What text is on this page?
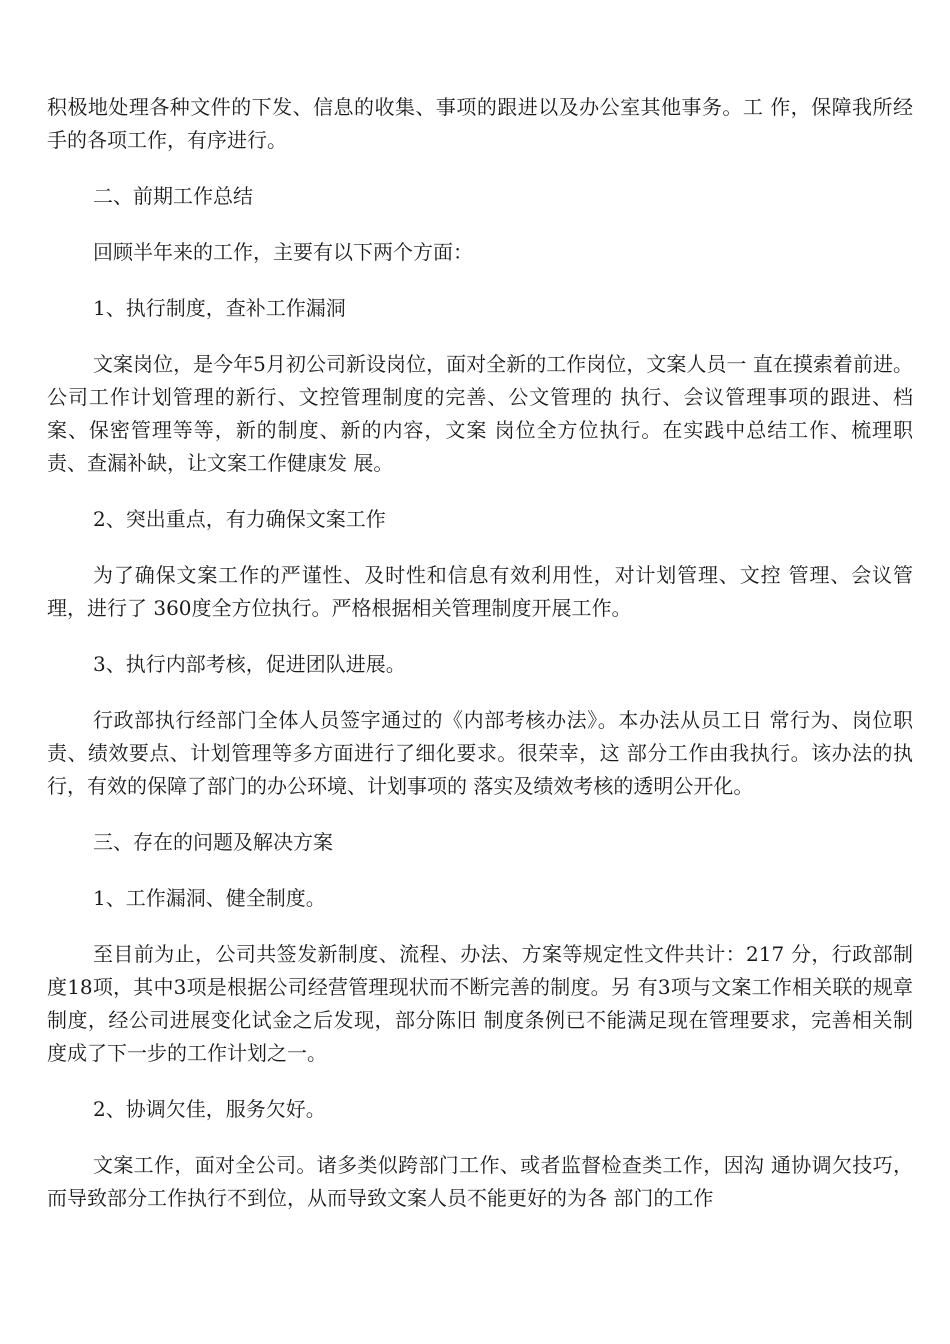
积极地处理各种文件的下发、信息的收集、事项的跟进以及办公室其他事务。工 作，保障我所经手的各项工作，有序进行。

二、前期工作总结

回顾半年来的工作，主要有以下两个方面：

1、执行制度，查补工作漏洞

文案岗位，是今年5月初公司新设岗位，面对全新的工作岗位，文案人员一 直在摸索着前进。公司工作计划管理的新行、文控管理制度的完善、公文管理的 执行、会议管理事项的跟进、档案、保密管理等等，新的制度、新的内容，文案 岗位全方位执行。在实践中总结工作、梳理职责、查漏补缺，让文案工作健康发 展。

2、突出重点，有力确保文案工作

为了确保文案工作的严谨性、及时性和信息有效利用性，对计划管理、文控 管理、会议管理，进行了 360度全方位执行。严格根据相关管理制度开展工作。

3、执行内部考核，促进团队进展。

行政部执行经部门全体人员签字通过的《内部考核办法》。本办法从员工日 常行为、岗位职责、绩效要点、计划管理等多方面进行了细化要求。很荣幸，这 部分工作由我执行。该办法的执行，有效的保障了部门的办公环境、计划事项的 落实及绩效考核的透明公开化。

三、存在的问题及解决方案

1、工作漏洞、健全制度。

至目前为止，公司共签发新制度、流程、办法、方案等规定性文件共计：217 分，行政部制度18项，其中3项是根据公司经营管理现状而不断完善的制度。另 有3项与文案工作相关联的规章制度，经公司进展变化试金之后发现，部分陈旧 制度条例已不能满足现在管理要求，完善相关制度成了下一步的工作计划之一。

2、协调欠佳，服务欠好。

文案工作，面对全公司。诸多类似跨部门工作、或者监督检查类工作，因沟 通协调欠技巧，而导致部分工作执行不到位，从而导致文案人员不能更好的为各 部门的工作
